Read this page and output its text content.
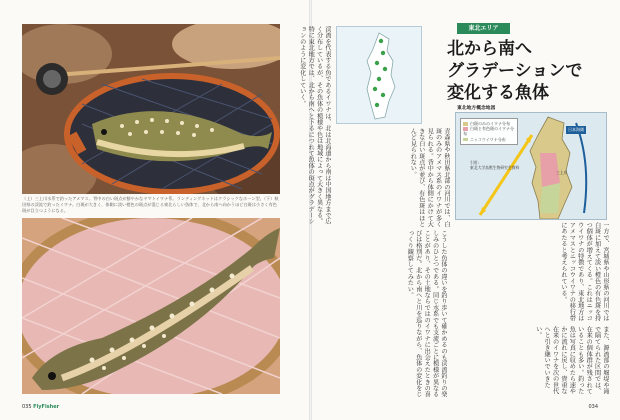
（上）三上川水系で釣ったアメマス。背中の白い斑点が鮮やかなヤマトイワナ系。ランディングネットはクラシックなホーン型。（下）秋田県の渓流で釣ったイワナ。白斑が大きく、体側に淡い橙色の斑点が混じる東北らしい魚体で、北から南へ向かうほど白斑は小さく有色斑が目立つようになる。
東北エリア
北から南へ
グラデーションで
変化する魚体
東北地方概念地図
白斑のみのイワナ分布
白斑と有色斑のイワナ分布
ニッコウイワナ分布
引用:
東北大学鳥獣生物研究会資料
日本海側
三上川
渓流を代表する魚であるイワナは、北は北海道から南は中国地方まで広く分布しているが、その魚体の模様や色は地域によって大きく異なる。特に東北地方では、北から南へと下るにつれて魚体の斑点がグラデーションのように変化していく。
青森県や秋田県北部の河川では、白斑のみのアメマス系のイワナが多く見られる。背中から体側にかけて大きな白い斑点が並び、有色斑はほとんど見られない。
一方で、宮城県や山形県の河川では白斑に加えて淡い橙色の有色斑を持つ個体が増えてくる。これはニッコウイワナの特徴であり、東北地方はアメマスとニッコウイワナの移行帯にあたると考えられている。
こうした魚体の違いを釣り歩いて確かめるのも渓流釣りの楽しみのひとつである。同じ水系でも支流ごとに模様が異なることがあり、その土地ならではのイワナに出会えたときの喜びは格別だ。北から南へと川を巡りながら、魚体の変化をじっくり観察してみたい。
また、源流部の堰堤や滝で隔てられた区間では、在来の個体群が残されていることも多い。釣った魚は写真に収めたら速やかに流れに戻し、貴重な在来のイワナを次の世代へと引き継いでいきたい。
035 FlyFisher	034
